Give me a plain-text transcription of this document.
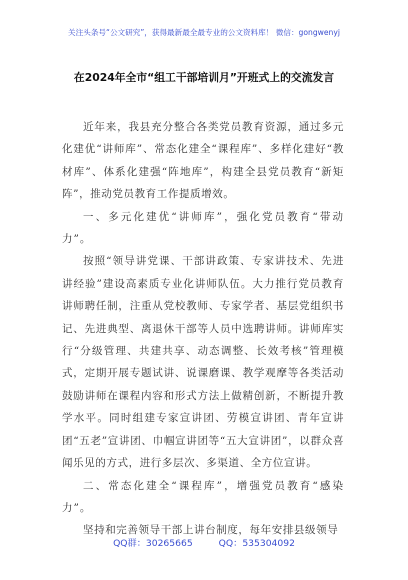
关注头条号“公文研究”，获得最新最全最专业的公文资料库！ 微信：gongwenyj
在2024年全市“组工干部培训月”开班式上的交流发言

近年来，我县充分整合各类党员教育资源，通过多元化建优“讲师库”、常态化建全“课程库”、多样化建好“教材库”、体系化建强“阵地库”，构建全县党员教育“新矩阵”，推动党员教育工作提质增效。

一、多元化建优“讲师库”，强化党员教育“带动力”。

按照“领导讲党课、干部讲政策、专家讲技术、先进讲经验”建设高素质专业化讲师队伍。大力推行党员教育讲师聘任制，注重从党校教师、专家学者、基层党组织书记、先进典型、离退休干部等人员中选聘讲师。讲师库实行“分级管理、共建共享、动态调整、长效考核”管理模式，定期开展专题试讲、说课磨课、教学观摩等各类活动鼓励讲师在课程内容和形式方法上做精创新，不断提升教学水平。同时组建专家宣讲团、劳模宣讲团、青年宣讲团“五老”宣讲团、巾帼宣讲团等“五大宣讲团”，以群众喜闻乐见的方式，进行多层次、多渠道、全方位宣讲。

二、常态化建全“课程库”，增强党员教育“感染力”。

坚持和完善领导干部上讲台制度，每年安排县级领导

QQ群：30265665	QQ：535304092
